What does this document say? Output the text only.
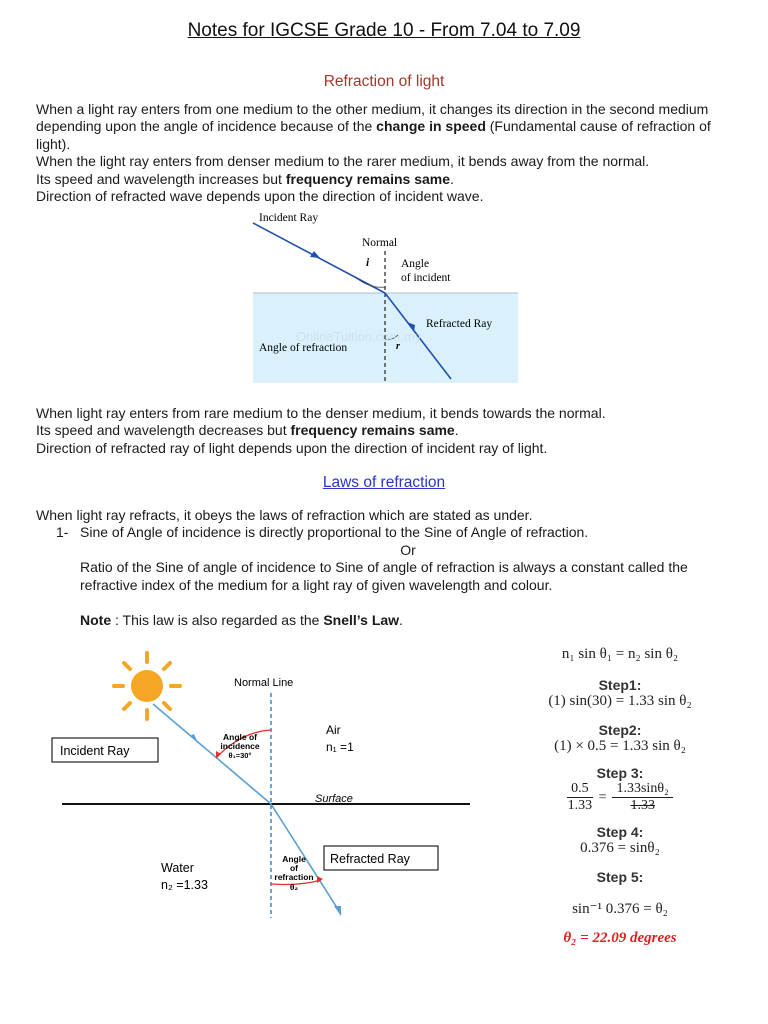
Notes for IGCSE Grade 10 - From 7.04 to 7.09
Refraction of light

When a light ray enters from one medium to the other medium, it changes its direction in the second medium depending upon the angle of incidence because of the change in speed (Fundamental cause of refraction of light).

When the light ray enters from denser medium to the rarer medium, it bends away from the normal.

Its speed and wavelength increases but frequency remains same.

Direction of refracted wave depends upon the direction of incident wave.

Incident Ray
Normal
i	Angle
of incident
Refracted Ray
Angle of refraction	r
OnlineTuition.com.my

When light ray enters from rare medium to the denser medium, it bends towards the normal.

Its speed and wavelength decreases but frequency remains same.

Direction of refracted ray of light depends upon the direction of incident ray of light.

Laws of refraction

When light ray refracts, it obeys the laws of refraction which are stated as under.

1- Sine of Angle of incidence is directly proportional to the Sine of Angle of refraction.
Or
Ratio of the Sine of angle of incidence to Sine of angle of refraction is always a constant called the refractive index of the medium for a light ray of given wavelength and colour.
Note : This law is also regarded as the Snell’s Law.
Normal Line
Incident Ray
Angle of
incidence
θ₁=30°
Air
n₁ =1
Surface
Water
n₂ =1.33
Angle
of
refraction
θ₂
Refracted Ray
n₁ sin θ₁ = n₂ sin θ₂
Step1:
(1) sin(30) = 1.33 sin θ₂
Step2:
(1) × 0.5 = 1.33 sin θ₂
Step 3:
$\frac{0.5}{1.33} = \frac{\text{1.33sinθ₂}}{1.33}$
Step 4:
0.376 = sinθ₂
Step 5:
sin⁻¹ 0.376 = θ₂
θ₂ = 22.09 degrees
